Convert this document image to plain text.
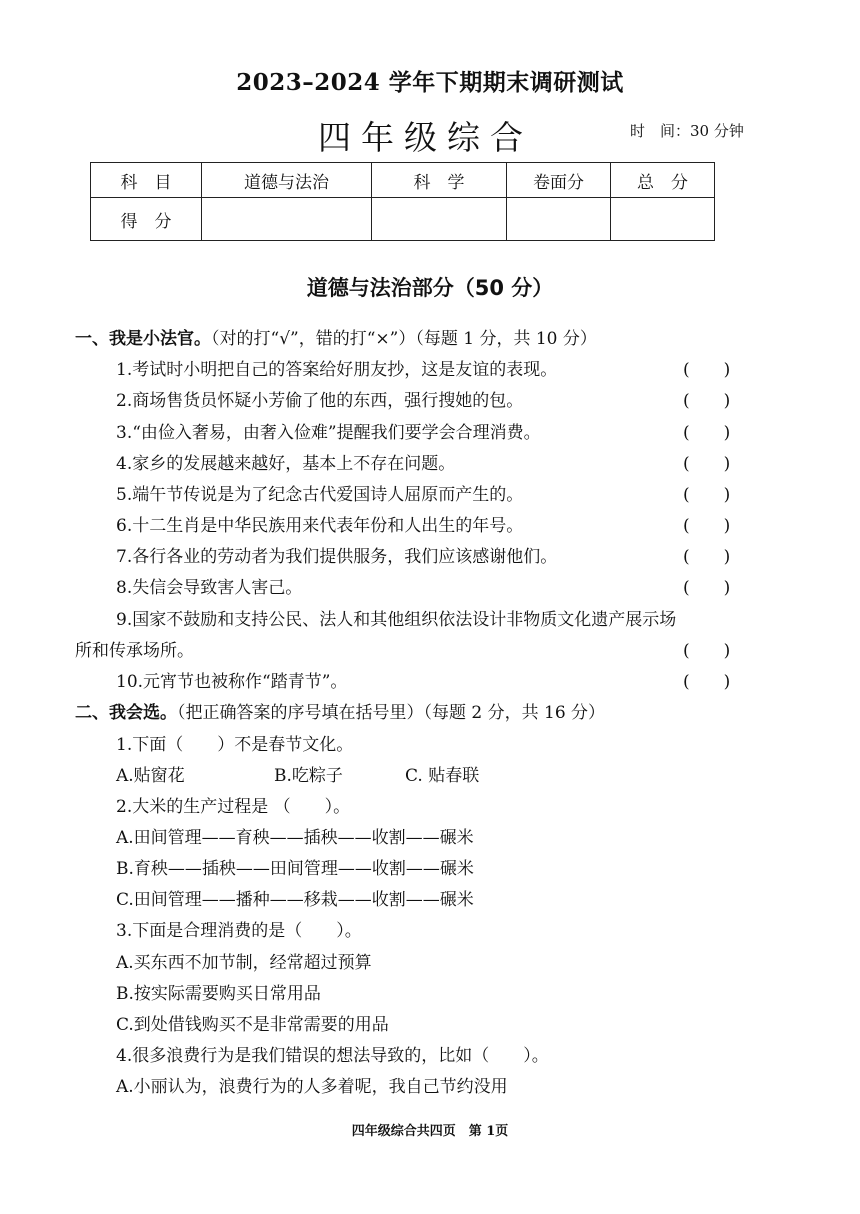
2023–2024 学年下期期末调研测试
四年级综合	时　间：30 分钟
科　目	道德与法治	科　学	卷面分	总　分
得　分				
道德与法治部分（50 分）
一、我是小法官。（对的打“√”，错的打“×”）（每题 1 分，共 10 分）
1.考试时小明把自己的答案给好朋友抄，这是友谊的表现。	(　　)
2.商场售货员怀疑小芳偷了他的东西，强行搜她的包。	(　　)
3.“由俭入奢易，由奢入俭难”提醒我们要学会合理消费。	(　　)
4.家乡的发展越来越好，基本上不存在问题。	(　　)
5.端午节传说是为了纪念古代爱国诗人屈原而产生的。	(　　)
6.十二生肖是中华民族用来代表年份和人出生的年号。	(　　)
7.各行各业的劳动者为我们提供服务，我们应该感谢他们。	(　　)
8.失信会导致害人害己。	(　　)
9.国家不鼓励和支持公民、法人和其他组织依法设计非物质文化遗产展示场
所和传承场所。	(　　)
10.元宵节也被称作“踏青节”。	(　　)
二、我会选。（把正确答案的序号填在括号里）（每题 2 分，共 16 分）
1.下面（　　）不是春节文化。
A.贴窗花	B.吃粽子	C. 贴春联
2.大米的生产过程是 （　　）。
A.田间管理——育秧——插秧——收割——碾米
B.育秧——插秧——田间管理——收割——碾米
C.田间管理——播种——移栽——收割——碾米
3.下面是合理消费的是（　　）。
A.买东西不加节制，经常超过预算
B.按实际需要购买日常用品
C.到处借钱购买不是非常需要的用品
4.很多浪费行为是我们错误的想法导致的，比如（　　）。
A.小丽认为，浪费行为的人多着呢，我自己节约没用
四年级综合共四页　第 1页
